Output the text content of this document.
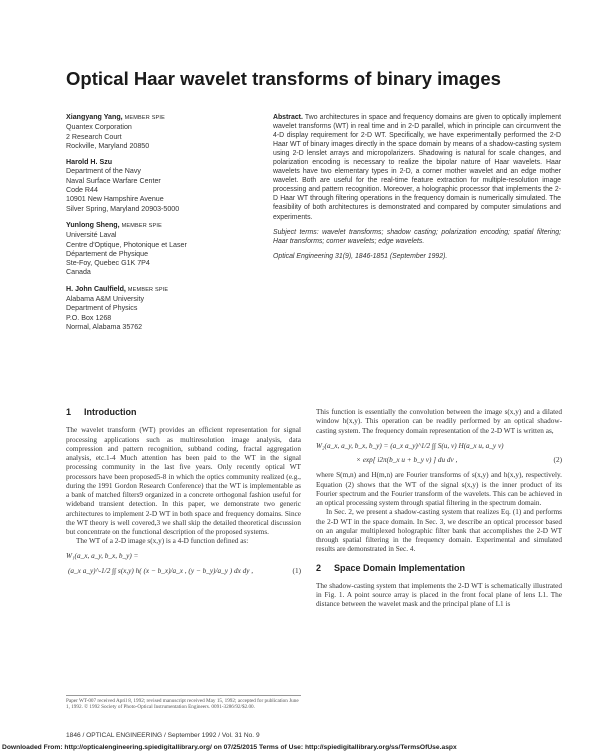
Optical Haar wavelet transforms of binary images
Xiangyang Yang, MEMBER SPIE
Quantex Corporation
2 Research Court
Rockville, Maryland 20850
Harold H. Szu
Department of the Navy
Naval Surface Warfare Center
Code R44
10901 New Hampshire Avenue
Silver Spring, Maryland 20903-5000
Yunlong Sheng, MEMBER SPIE
Université Laval
Centre d'Optique, Photonique et Laser
Département de Physique
Ste-Foy, Quebec G1K 7P4
Canada
H. John Caulfield, MEMBER SPIE
Alabama A&M University
Department of Physics
P.O. Box 1268
Normal, Alabama 35762

Abstract. Two architectures in space and frequency domains are given to optically implement wavelet transforms (WT) in real time and in 2-D parallel, which in principle can circumvent the 4-D display requirement for 2-D WT. Specifically, we have experimentally performed the 2-D Haar WT of binary images directly in the space domain by means of a shadow-casting system using 2-D lenslet arrays and micropolarizers. Shadowing is natural for scale changes, and polarization encoding is necessary to realize the bipolar nature of Haar wavelets. Haar wavelets have two elementary types in 2-D, a corner mother wavelet and an edge mother wavelet. Both are useful for the real-time feature extraction for multiple-resolution image processing and pattern recognition. Moreover, a holographic processor that implements the 2-D Haar WT through filtering operations in the frequency domain is numerically simulated. The feasibility of both architectures is demonstrated and compared by computer simulations and experiments.

Subject terms: wavelet transforms; shadow casting; polarization encoding; spatial filtering; Haar transforms; corner wavelets; edge wavelets.

Optical Engineering 31(9), 1846-1851 (September 1992).

1 Introduction

The wavelet transform (WT) provides an efficient representation for signal processing applications such as multiresolution image analysis, data compression and pattern recognition, subband coding, fractal aggregation analysis, etc.1-4 Much attention has been paid to the WT in the signal processing community in the last five years. Only recently optical WT processors have been proposed5-8 in which the optics community realized (e.g., during the 1991 Gordon Research Conference) that the WT is implementable as a bank of matched filters9 organized in a concrete orthogonal fashion useful for wideband transient detection. In this paper, we demonstrate two generic architectures to implement 2-D WT in both space and frequency domains. Since the WT theory is well covered,3 we shall skip the detailed theoretical discussion but concentrate on the functional description of the proposed systems.

The WT of a 2-D image s(x,y) is a 4-D function defined as:

W₁(a_x, a_y, b_x, b_y) =
(a_x a_y)^-1/2 ∫∫ s(x,y) h( (x − b_x)/a_x , (y − b_y)/a_y ) dx dy ,	(1)
Paper WT-007 received April 8, 1992; revised manuscript received May 15, 1992; accepted for publication June 1, 1992. © 1992 Society of Photo-Optical Instrumentation Engineers. 0091-3286/92/$2.00.

This function is essentially the convolution between the image s(x,y) and a dilated window h(x,y). This operation can be readily performed by an optical shadow-casting system. The frequency domain representation of the 2-D WT is written as,

W₂(a_x, a_y, b_x, b_y) = (a_x a_y)^1/2 ∫∫ S(u, v) H(a_x u, a_y v)
× exp[ i2π(b_x u + b_y v) ] du dv ,	(2)

where S(m,n) and H(m,n) are Fourier transforms of s(x,y) and h(x,y), respectively. Equation (2) shows that the WT of the signal s(x,y) is the inner product of its Fourier spectrum and the Fourier transform of the wavelets. This can be achieved in an optical processing system through spatial filtering in the spectrum domain.

In Sec. 2, we present a shadow-casting system that realizes Eq. (1) and performs the 2-D WT in the space domain. In Sec. 3, we describe an optical processor based on an angular multiplexed holographic filter bank that accomplishes the 2-D WT through spatial filtering in the frequency domain. Experimental and simulated results are demonstrated in Sec. 4.

2 Space Domain Implementation

The shadow-casting system that implements the 2-D WT is schematically illustrated in Fig. 1. A point source array is placed in the front focal plane of lens L1. The distance between the wavelet mask and the principal plane of L1 is

1846 / OPTICAL ENGINEERING / September 1992 / Vol. 31 No. 9
Downloaded From: http://opticalengineering.spiedigitallibrary.org/ on 07/25/2015 Terms of Use: http://spiedigitallibrary.org/ss/TermsOfUse.aspx
